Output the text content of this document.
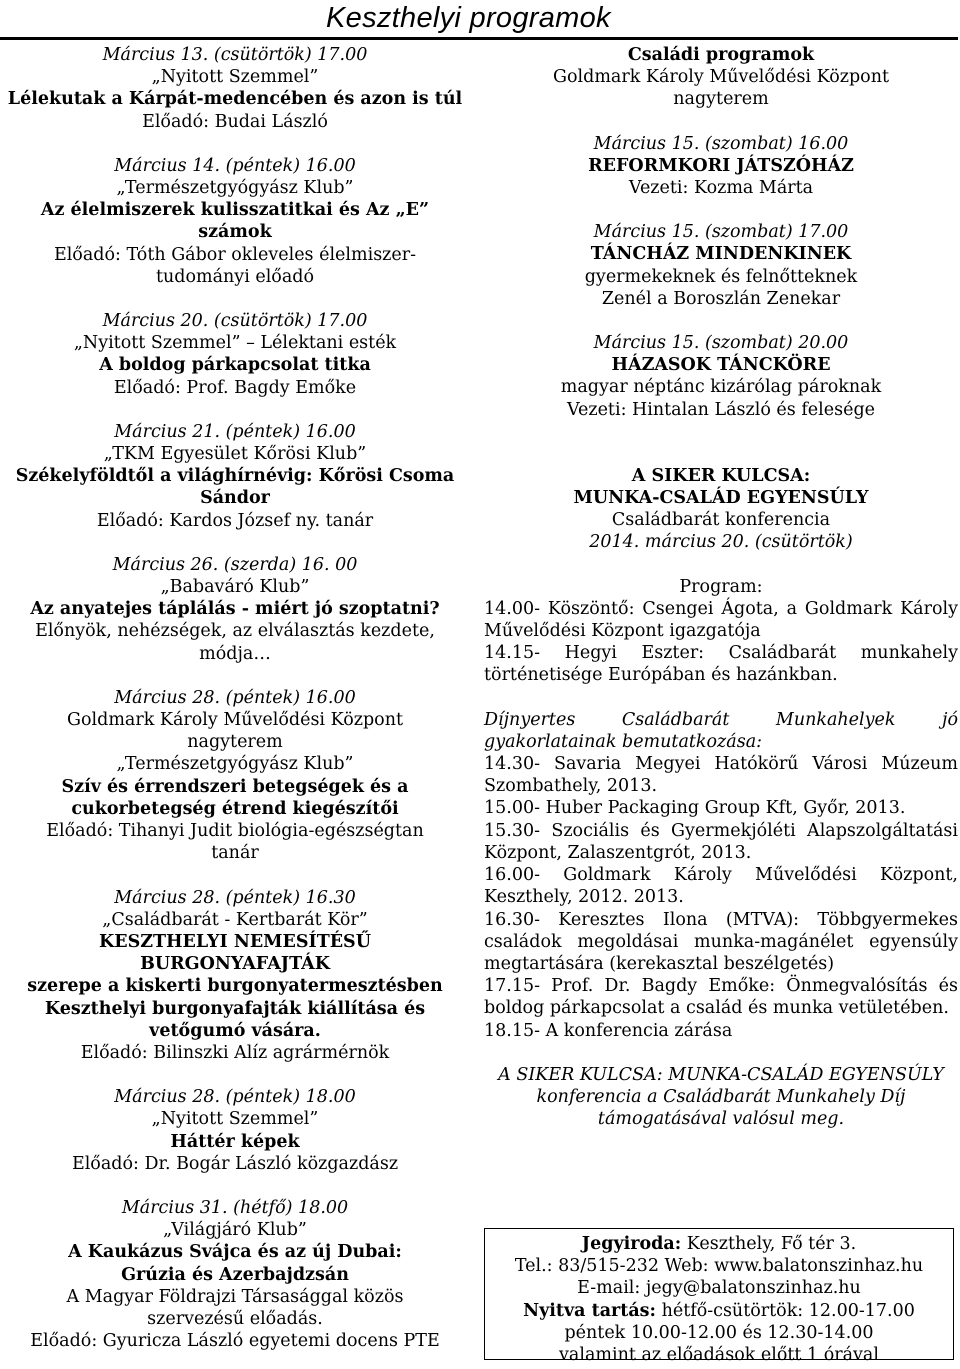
Keszthelyi programok
Március 13. (csütörtök) 17.00
„Nyitott Szemmel”
Lélekutak a Kárpát-medencében és azon is túl
Előadó: Budai László
Március 14. (péntek) 16.00
„Természetgyógyász Klub”
Az élelmiszerek kulisszatitkai és Az „E”
számok
Előadó: Tóth Gábor okleveles élelmiszer-
tudományi előadó
Március 20. (csütörtök) 17.00
„Nyitott Szemmel” – Lélektani esték
A boldog párkapcsolat titka
Előadó: Prof. Bagdy Emőke
Március 21. (péntek) 16.00
„TKM Egyesület Kőrösi Klub”
Székelyföldtől a világhírnévig: Kőrösi Csoma
Sándor
Előadó: Kardos József ny. tanár
Március 26. (szerda) 16. 00
„Babaváró Klub”
Az anyatejes táplálás - miért jó szoptatni?
Előnyök, nehézségek, az elválasztás kezdete,
módja…
Március 28. (péntek) 16.00
Goldmark Károly Művelődési Központ
nagyterem
„Természetgyógyász Klub”
Szív és érrendszeri betegségek és a
cukorbetegség étrend kiegészítői
Előadó: Tihanyi Judit biológia-egészségtan
tanár
Március 28. (péntek) 16.30
„Családbarát - Kertbarát Kör”
KESZTHELYI NEMESÍTÉSŰ
BURGONYAFAJTÁK
szerepe a kiskerti burgonyatermesztésben
Keszthelyi burgonyafajták kiállítása és
vetőgumó vására.
Előadó: Bilinszki Alíz agrármérnök
Március 28. (péntek) 18.00
„Nyitott Szemmel”
Háttér képek
Előadó: Dr. Bogár László közgazdász
Március 31. (hétfő) 18.00
„Világjáró Klub”
A Kaukázus Svájca és az új Dubai:
Grúzia és Azerbajdzsán
A Magyar Földrajzi Társasággal közös
szervezésű előadás.
Előadó: Gyuricza László egyetemi docens PTE
Családi programok
Goldmark Károly Művelődési Központ
nagyterem
Március 15. (szombat) 16.00
REFORMKORI JÁTSZÓHÁZ
Vezeti: Kozma Márta
Március 15. (szombat) 17.00
TÁNCHÁZ MINDENKINEK
gyermekeknek és felnőtteknek
Zenél a Boroszlán Zenekar
Március 15. (szombat) 20.00
HÁZASOK TÁNCKÖRE
magyar néptánc kizárólag pároknak
Vezeti: Hintalan László és felesége
A SIKER KULCSA:
MUNKA-CSALÁD EGYENSÚLY
Családbarát konferencia
2014. március 20. (csütörtök)
Program:
14.00- Köszöntő: Csengei Ágota, a Goldmark Károly Művelődési Központ igazgatója
14.15- Hegyi Eszter: Családbarát munkahely történetisége Európában és hazánkban.
Díjnyertes Családbarát Munkahelyek jó gyakorlatainak bemutatkozása:
14.30- Savaria Megyei Hatókörű Városi Múzeum Szombathely, 2013.
15.00- Huber Packaging Group Kft, Győr, 2013.
15.30- Szociális és Gyermekjóléti Alapszolgáltatási Központ, Zalaszentgrót, 2013.
16.00- Goldmark Károly Művelődési Központ, Keszthely, 2012. 2013.
16.30- Keresztes Ilona (MTVA): Többgyermekes családok megoldásai munka-magánélet egyensúly megtartására (kerekasztal beszélgetés)
17.15- Prof. Dr. Bagdy Emőke: Önmegvalósítás és boldog párkapcsolat a család és munka vetületében.
18.15- A konferencia zárása
A SIKER KULCSA: MUNKA-CSALÁD EGYENSÚLY
konferencia a Családbarát Munkahely Díj
támogatásával valósul meg.
Jegyiroda: Keszthely, Fő tér 3.
Tel.: 83/515-232 Web: www.balatonszinhaz.hu
E-mail: jegy@balatonszinhaz.hu
Nyitva tartás: hétfő-csütörtök: 12.00-17.00
péntek 10.00-12.00 és 12.30-14.00
valamint az előadások előtt 1 órával
